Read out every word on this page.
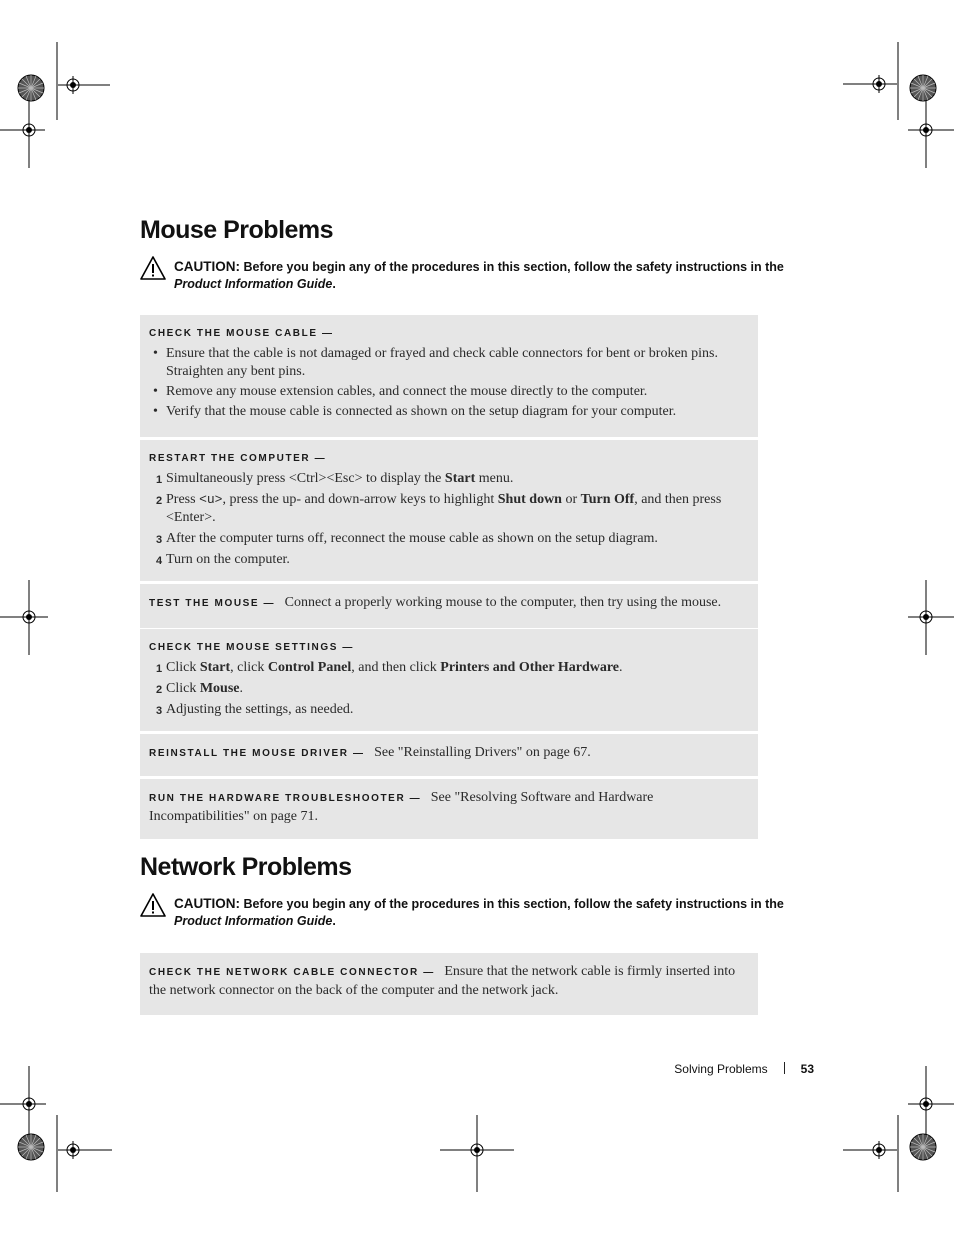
Mouse Problems
CAUTION: Before you begin any of the procedures in this section, follow the safety instructions in the Product Information Guide.
CHECK THE MOUSE CABLE —
• Ensure that the cable is not damaged or frayed and check cable connectors for bent or broken pins. Straighten any bent pins.
• Remove any mouse extension cables, and connect the mouse directly to the computer.
• Verify that the mouse cable is connected as shown on the setup diagram for your computer.
RESTART THE COMPUTER —
1 Simultaneously press <Ctrl><Esc> to display the Start menu.
2 Press <u>, press the up- and down-arrow keys to highlight Shut down or Turn Off, and then press <Enter>.
3 After the computer turns off, reconnect the mouse cable as shown on the setup diagram.
4 Turn on the computer.
TEST THE MOUSE — Connect a properly working mouse to the computer, then try using the mouse.
CHECK THE MOUSE SETTINGS —
1 Click Start, click Control Panel, and then click Printers and Other Hardware.
2 Click Mouse.
3 Adjusting the settings, as needed.
REINSTALL THE MOUSE DRIVER — See "Reinstalling Drivers" on page 67.
RUN THE HARDWARE TROUBLESHOOTER — See "Resolving Software and Hardware Incompatibilities" on page 71.
Network Problems
CAUTION: Before you begin any of the procedures in this section, follow the safety instructions in the Product Information Guide.
CHECK THE NETWORK CABLE CONNECTOR — Ensure that the network cable is firmly inserted into the network connector on the back of the computer and the network jack.
Solving Problems	53
